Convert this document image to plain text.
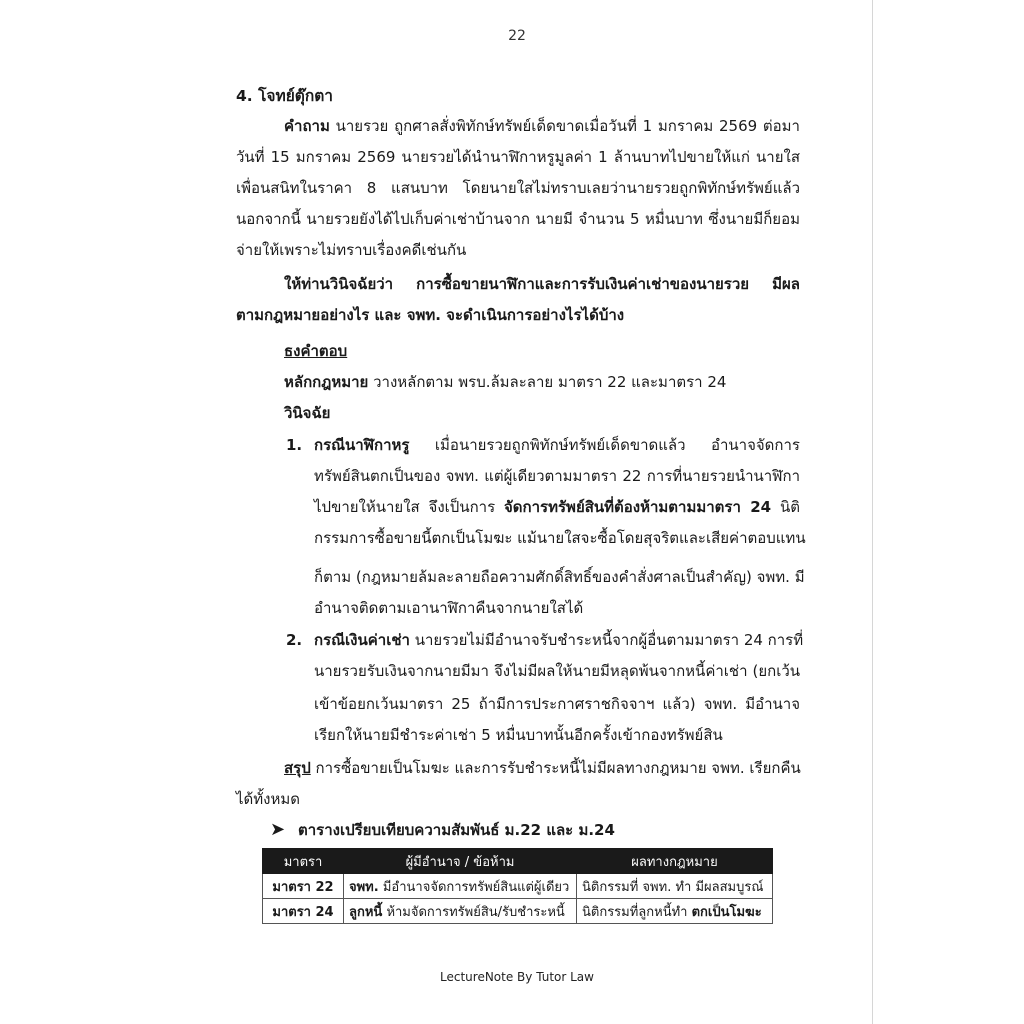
22
4. โจทย์ตุ๊กตา
คำถาม นายรวย ถูกศาลสั่งพิทักษ์ทรัพย์เด็ดขาดเมื่อวันที่ 1 มกราคม 2569 ต่อมา
วันที่ 15 มกราคม 2569 นายรวยได้นำนาฬิกาหรูมูลค่า 1 ล้านบาทไปขายให้แก่ นายใส
เพื่อนสนิทในราคา 8 แสนบาท โดยนายใสไม่ทราบเลยว่านายรวยถูกพิทักษ์ทรัพย์แล้ว
นอกจากนี้ นายรวยยังได้ไปเก็บค่าเช่าบ้านจาก นายมี จำนวน 5 หมื่นบาท ซึ่งนายมีก็ยอม
จ่ายให้เพราะไม่ทราบเรื่องคดีเช่นกัน
ให้ท่านวินิจฉัยว่า การซื้อขายนาฬิกาและการรับเงินค่าเช่าของนายรวย มีผล
ตามกฎหมายอย่างไร และ จพท. จะดำเนินการอย่างไรได้บ้าง
ธงคำตอบ
หลักกฎหมาย วางหลักตาม พรบ.ล้มละลาย มาตรา 22 และมาตรา 24
วินิจฉัย
1. กรณีนาฬิกาหรู เมื่อนายรวยถูกพิทักษ์ทรัพย์เด็ดขาดแล้ว อำนาจจัดการ
ทรัพย์สินตกเป็นของ จพท. แต่ผู้เดียวตามมาตรา 22 การที่นายรวยนำนาฬิกา
ไปขายให้นายใส จึงเป็นการ จัดการทรัพย์สินที่ต้องห้ามตามมาตรา 24 นิติ
กรรมการซื้อขายนี้ตกเป็นโมฆะ แม้นายใสจะซื้อโดยสุจริตและเสียค่าตอบแทน
ก็ตาม (กฎหมายล้มละลายถือความศักดิ์สิทธิ์ของคำสั่งศาลเป็นสำคัญ) จพท. มี
อำนาจติดตามเอานาฬิกาคืนจากนายใสได้
2. กรณีเงินค่าเช่า นายรวยไม่มีอำนาจรับชำระหนี้จากผู้อื่นตามมาตรา 24 การที่
นายรวยรับเงินจากนายมีมา จึงไม่มีผลให้นายมีหลุดพ้นจากหนี้ค่าเช่า (ยกเว้น
เข้าข้อยกเว้นมาตรา 25 ถ้ามีการประกาศราชกิจจาฯ แล้ว) จพท. มีอำนาจ
เรียกให้นายมีชำระค่าเช่า 5 หมื่นบาทนั้นอีกครั้งเข้ากองทรัพย์สิน
สรุป การซื้อขายเป็นโมฆะ และการรับชำระหนี้ไม่มีผลทางกฎหมาย จพท. เรียกคืน
ได้ทั้งหมด
➤ ตารางเปรียบเทียบความสัมพันธ์ ม.22 และ ม.24
มาตรา	ผู้มีอำนาจ / ข้อห้าม	ผลทางกฎหมาย
มาตรา 22	จพท. มีอำนาจจัดการทรัพย์สินแต่ผู้เดียว	นิติกรรมที่ จพท. ทำ มีผลสมบูรณ์
มาตรา 24	ลูกหนี้ ห้ามจัดการทรัพย์สิน/รับชำระหนี้	นิติกรรมที่ลูกหนี้ทำ ตกเป็นโมฆะ
LectureNote By Tutor Law
